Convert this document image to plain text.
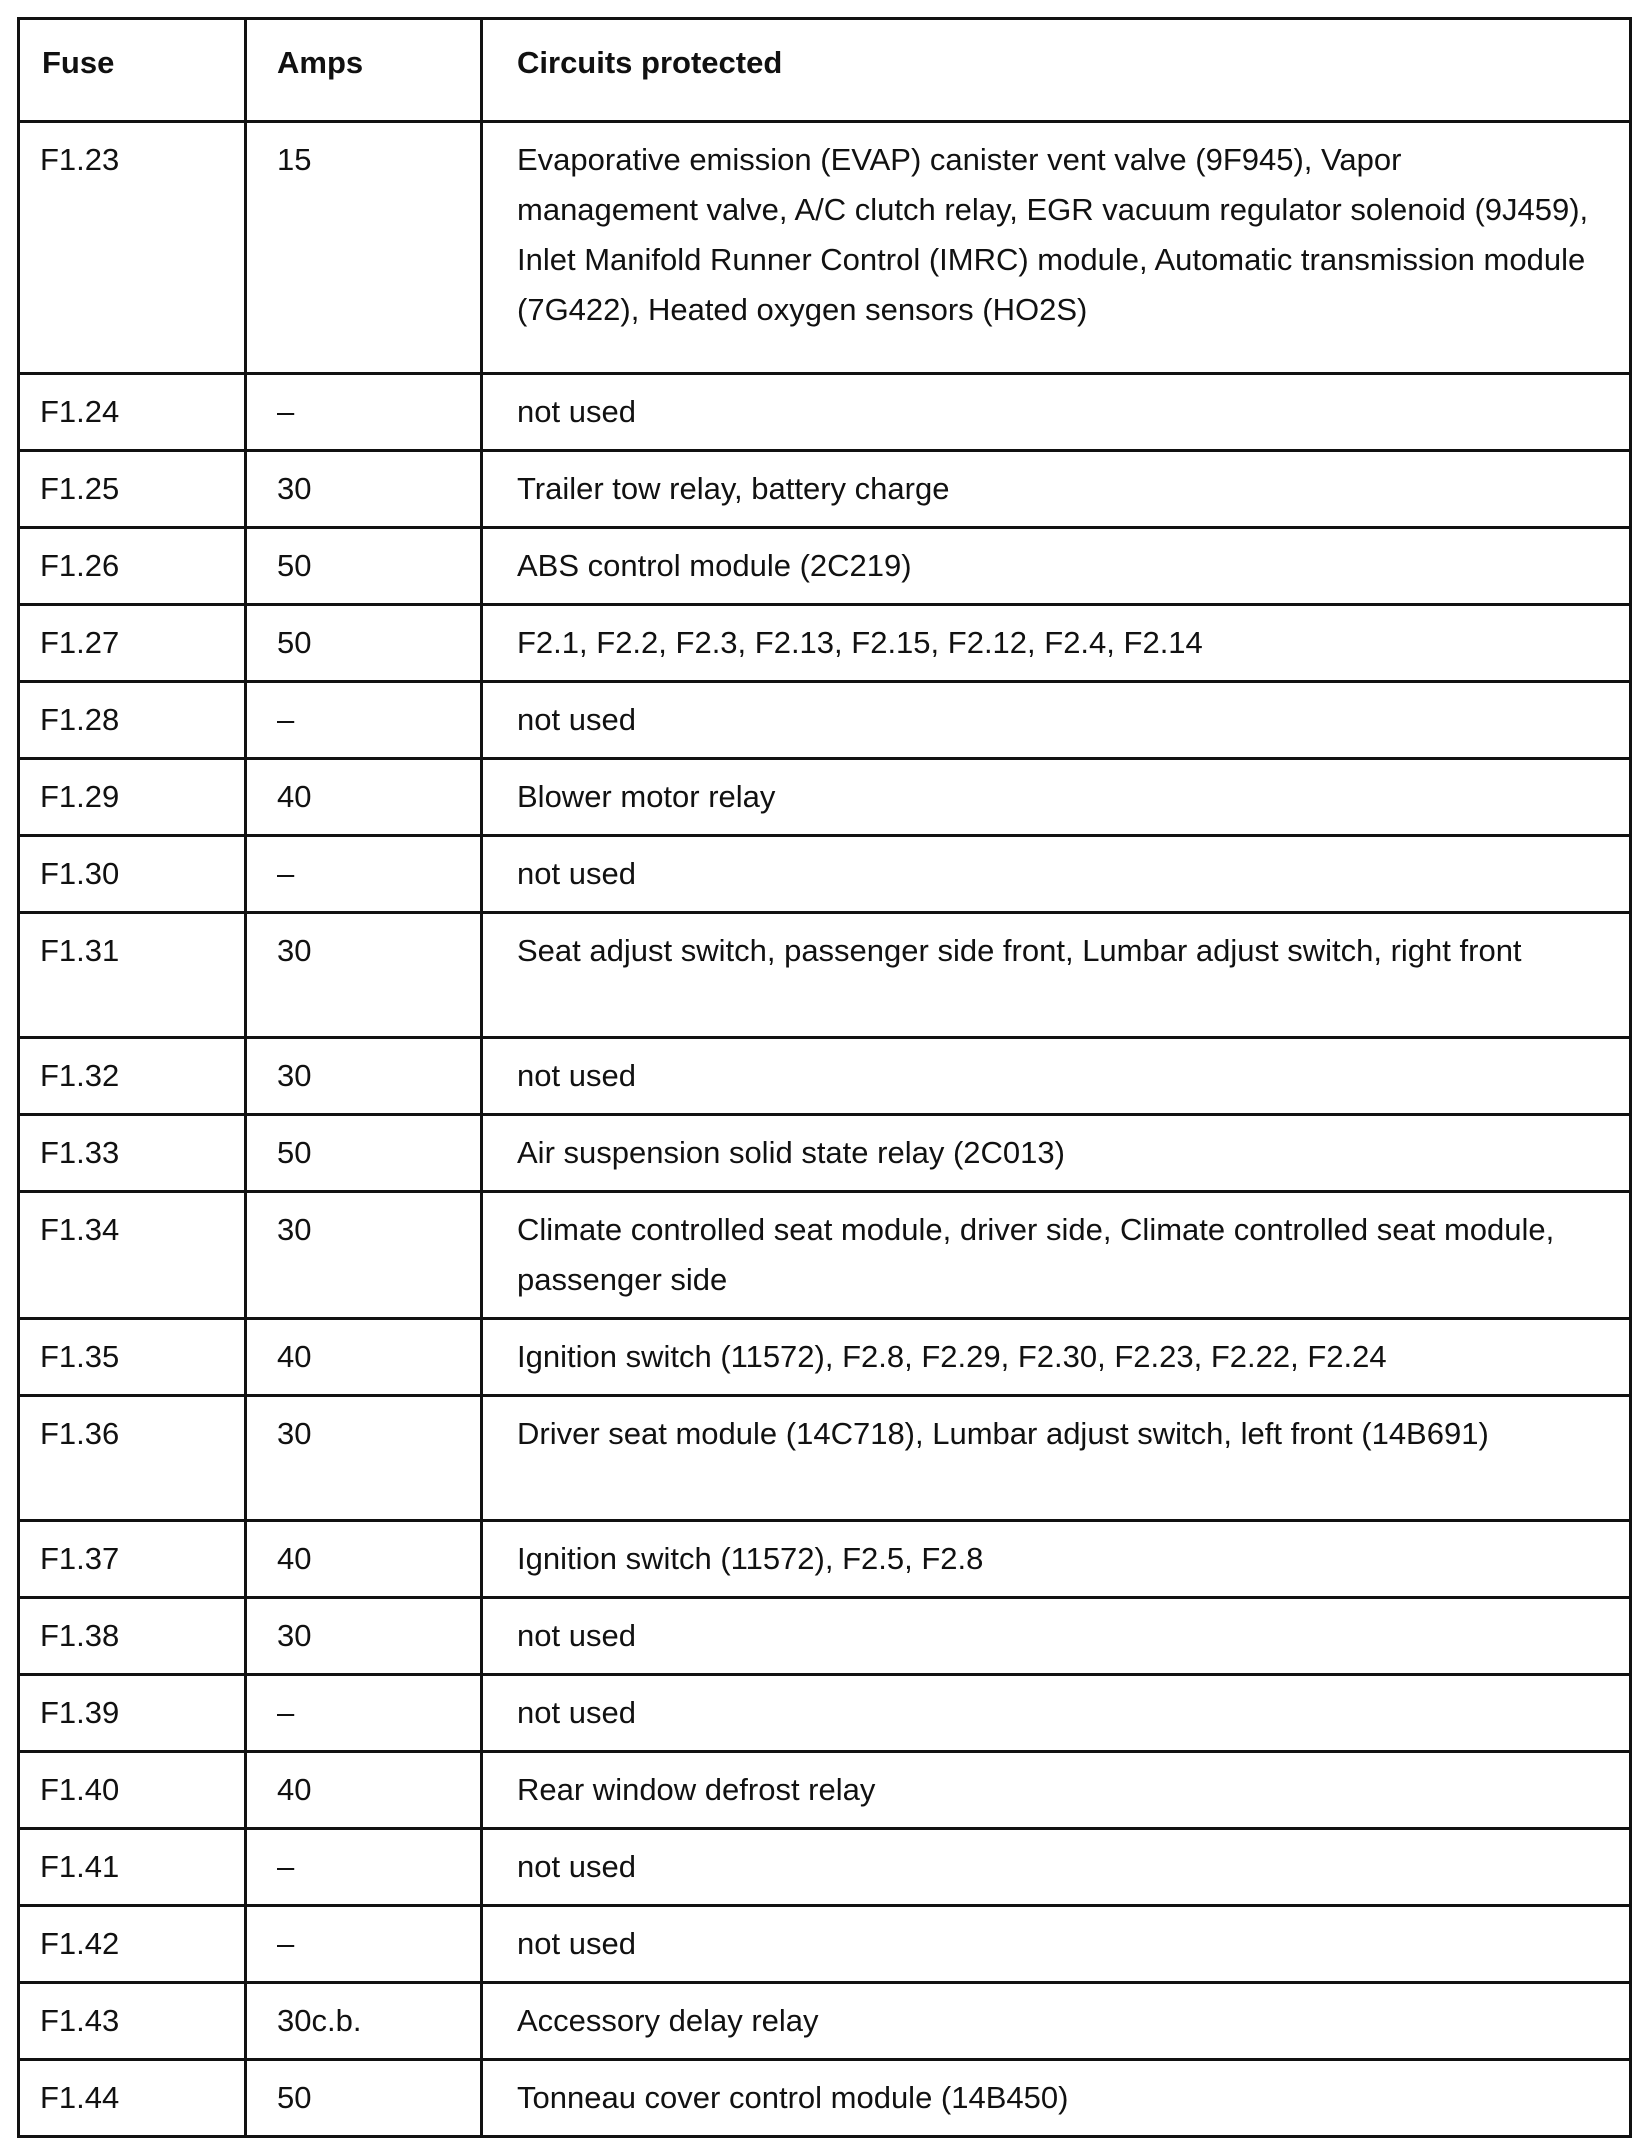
Fuse	Amps	Circuits protected
F1.23	15	Evaporative emission (EVAP) canister vent valve (9F945), Vapor management valve, A/C clutch relay, EGR vacuum regulator solenoid (9J459), Inlet Manifold Runner Control (IMRC) module, Automatic transmission module (7G422), Heated oxygen sensors (HO2S)
F1.24	–	not used
F1.25	30	Trailer tow relay, battery charge
F1.26	50	ABS control module (2C219)
F1.27	50	F2.1, F2.2, F2.3, F2.13, F2.15, F2.12, F2.4, F2.14
F1.28	–	not used
F1.29	40	Blower motor relay
F1.30	–	not used
F1.31	30	Seat adjust switch, passenger side front, Lumbar adjust switch, right front
F1.32	30	not used
F1.33	50	Air suspension solid state relay (2C013)
F1.34	30	Climate controlled seat module, driver side, Climate controlled seat module, passenger side
F1.35	40	Ignition switch (11572), F2.8, F2.29, F2.30, F2.23, F2.22, F2.24
F1.36	30	Driver seat module (14C718), Lumbar adjust switch, left front (14B691)
F1.37	40	Ignition switch (11572), F2.5, F2.8
F1.38	30	not used
F1.39	–	not used
F1.40	40	Rear window defrost relay
F1.41	–	not used
F1.42	–	not used
F1.43	30c.b.	Accessory delay relay
F1.44	50	Tonneau cover control module (14B450)
